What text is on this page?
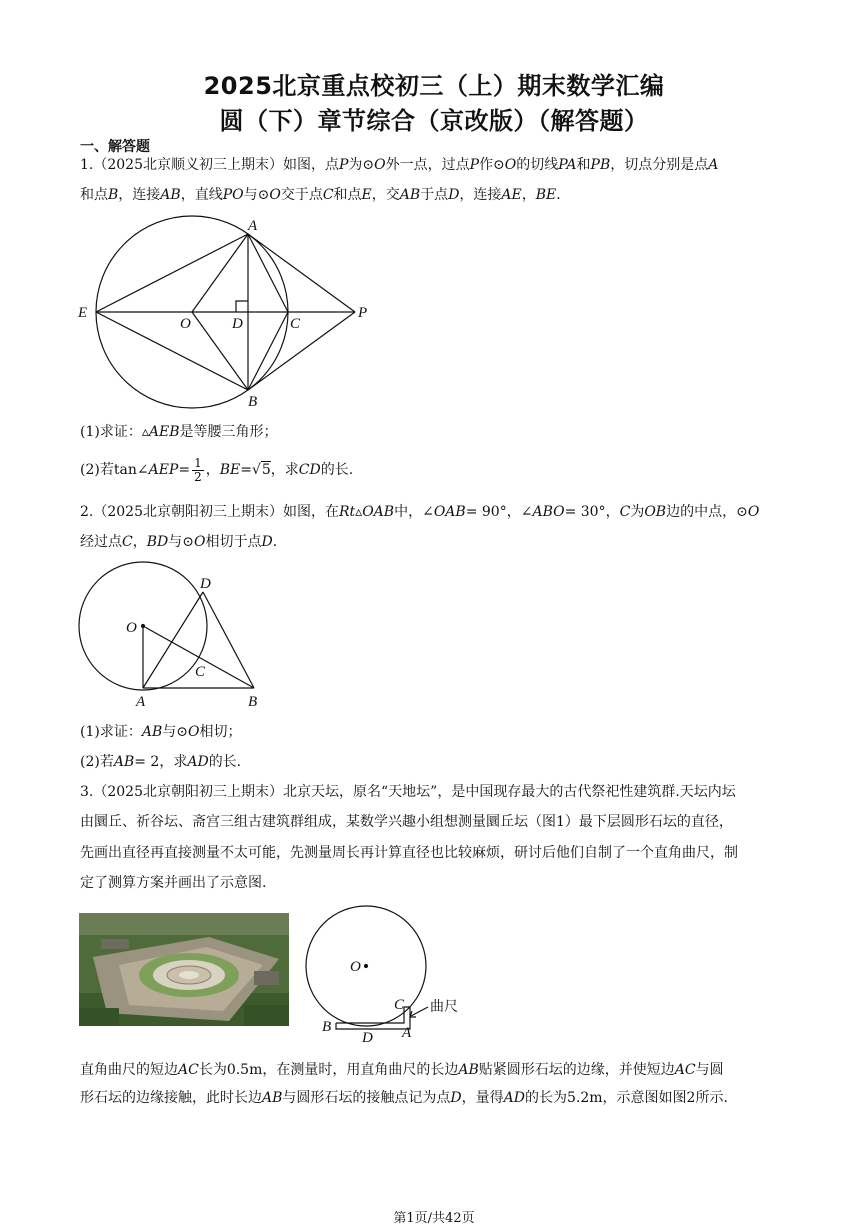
2025北京重点校初三（上）期末数学汇编
圆（下）章节综合（京改版）（解答题）
一、解答题
1.（2025北京顺义初三上期末）如图，点P为⊙O外一点，过点P作⊙O的切线PA和PB，切点分别是点A
和点B，连接AB，直线PO与⊙O交于点C和点E，交AB于点D，连接AE，BE．
A
B
E
O	D	C
P
(1)求证：▵AEB是等腰三角形；
(2)若tan∠AEP= $\frac{1}{2}$ ，BE=√5，求CD的长.
2.（2025北京朝阳初三上期末）如图，在Rt▵OAB中，∠OAB= 90°，∠ABO= 30°，C为OB边的中点，⊙O
经过点C，BD与⊙O相切于点D．
D
O
C
A	B
(1)求证：AB与⊙O相切；
(2)若AB= 2，求AD的长.
3.（2025北京朝阳初三上期末）北京天坛，原名“天地坛”，是中国现存最大的古代祭祀性建筑群.天坛内坛
由圜丘、祈谷坛、斋宫三组古建筑群组成，某数学兴趣小组想测量圜丘坛（图1）最下层圆形石坛的直径，
先画出直径再直接测量不太可能，先测量周长再计算直径也比较麻烦，研讨后他们自制了一个直角曲尺，制
定了测算方案并画出了示意图.
O
C
B
D A
曲尺
直角曲尺的短边AC长为0.5m，在测量时，用直角曲尺的长边AB贴紧圆形石坛的边缘，并使短边AC与圆
形石坛的边缘接触，此时长边AB与圆形石坛的接触点记为点D，量得AD的长为5.2m，示意图如图2所示.
第1页/共42页
